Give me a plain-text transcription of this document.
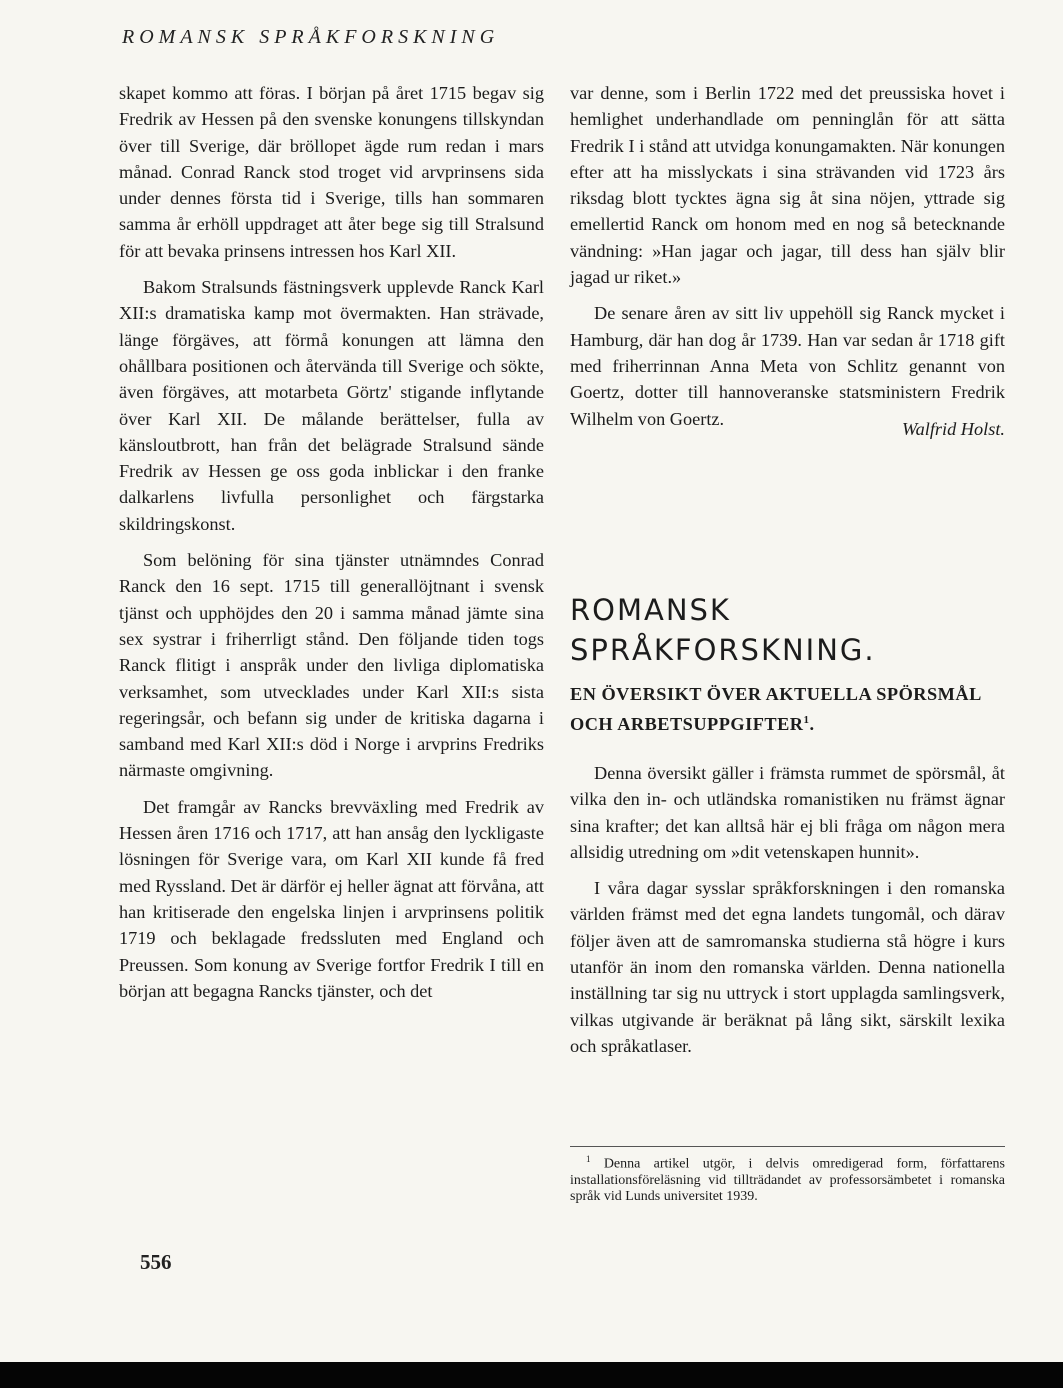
ROMANSK SPRÅKFORSKNING

skapet kommo att föras. I början på året 1715 begav sig Fredrik av Hessen på den svenske konungens tillskyndan över till Sverige, där bröllopet ägde rum redan i mars månad. Conrad Ranck stod troget vid arvprinsens sida under dennes första tid i Sverige, tills han sommaren samma år erhöll uppdraget att åter bege sig till Stralsund för att bevaka prinsens intressen hos Karl XII.

Bakom Stralsunds fästningsverk upplevde Ranck Karl XII:s dramatiska kamp mot övermakten. Han strävade, länge förgäves, att förmå konungen att lämna den ohållbara positionen och återvända till Sverige och sökte, även förgäves, att motarbeta Görtz' stigande inflytande över Karl XII. De målande berättelser, fulla av känsloutbrott, han från det belägrade Stralsund sände Fredrik av Hessen ge oss goda inblickar i den franke dalkarlens livfulla personlighet och färgstarka skildringskonst.

Som belöning för sina tjänster utnämndes Conrad Ranck den 16 sept. 1715 till generallöjtnant i svensk tjänst och upphöjdes den 20 i samma månad jämte sina sex systrar i friherrligt stånd. Den följande tiden togs Ranck flitigt i anspråk under den livliga diplomatiska verksamhet, som utvecklades under Karl XII:s sista regeringsår, och befann sig under de kritiska dagarna i samband med Karl XII:s död i Norge i arvprins Fredriks närmaste omgivning.

Det framgår av Rancks brevväxling med Fredrik av Hessen åren 1716 och 1717, att han ansåg den lyckligaste lösningen för Sverige vara, om Karl XII kunde få fred med Ryssland. Det är därför ej heller ägnat att förvåna, att han kritiserade den engelska linjen i arvprinsens politik 1719 och beklagade fredssluten med England och Preussen. Som konung av Sverige fortfor Fredrik I till en början att begagna Rancks tjänster, och det

var denne, som i Berlin 1722 med det preussiska hovet i hemlighet underhandlade om penninglån för att sätta Fredrik I i stånd att utvidga konungamakten. När konungen efter att ha misslyckats i sina strävanden vid 1723 års riksdag blott tycktes ägna sig åt sina nöjen, yttrade sig emellertid Ranck om honom med en nog så betecknande vändning: »Han jagar och jagar, till dess han själv blir jagad ur riket.»

De senare åren av sitt liv uppehöll sig Ranck mycket i Hamburg, där han dog år 1739. Han var sedan år 1718 gift med friherrinnan Anna Meta von Schlitz genannt von Goertz, dotter till hannoveranske statsministern Fredrik Wilhelm von Goertz.

Walfrid Holst.
ROMANSK
SPRÅKFORSKNING.
EN ÖVERSIKT ÖVER AKTUELLA SPÖRSMÅL OCH ARBETSUPPGIFTER$^1$.

Denna översikt gäller i främsta rummet de spörsmål, åt vilka den in- och utländska romanistiken nu främst ägnar sina krafter; det kan alltså här ej bli fråga om någon mera allsidig utredning om »dit vetenskapen hunnit».

I våra dagar sysslar språkforskningen i den romanska världen främst med det egna landets tungomål, och därav följer även att de samromanska studierna stå högre i kurs utanför än inom den romanska världen. Denna nationella inställning tar sig nu uttryck i stort upplagda samlingsverk, vilkas utgivande är beräknat på lång sikt, särskilt lexika och språkatlaser.

$^1$ Denna artikel utgör, i delvis omredigerad form, författarens installationsföreläsning vid tillträdandet av professorsämbetet i romanska språk vid Lunds universitet 1939.
556
